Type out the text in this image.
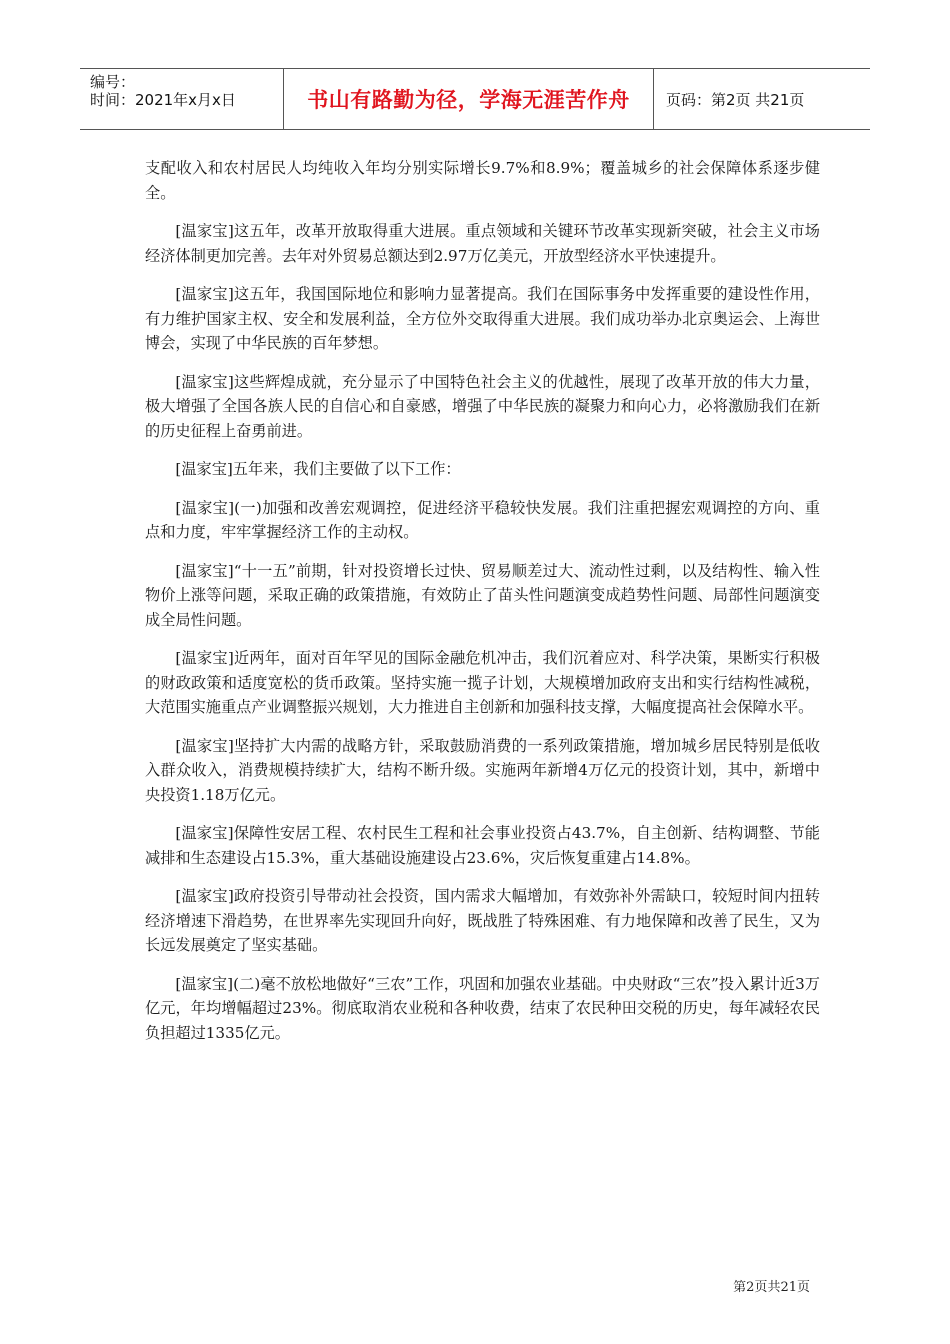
编号：
时间：2021年x月x日	书山有路勤为径，学海无涯苦作舟	页码：第2页 共21页

支配收入和农村居民人均纯收入年均分别实际增长9.7%和8.9%；覆盖城乡的社会保障体系逐步健全。

[温家宝]这五年，改革开放取得重大进展。重点领域和关键环节改革实现新突破，社会主义市场经济体制更加完善。去年对外贸易总额达到2.97万亿美元，开放型经济水平快速提升。

[温家宝]这五年，我国国际地位和影响力显著提高。我们在国际事务中发挥重要的建设性作用，有力维护国家主权、安全和发展利益，全方位外交取得重大进展。我们成功举办北京奥运会、上海世博会，实现了中华民族的百年梦想。

[温家宝]这些辉煌成就，充分显示了中国特色社会主义的优越性，展现了改革开放的伟大力量，极大增强了全国各族人民的自信心和自豪感，增强了中华民族的凝聚力和向心力，必将激励我们在新的历史征程上奋勇前进。

[温家宝]五年来，我们主要做了以下工作：

[温家宝](一)加强和改善宏观调控，促进经济平稳较快发展。我们注重把握宏观调控的方向、重点和力度，牢牢掌握经济工作的主动权。

[温家宝]“十一五”前期，针对投资增长过快、贸易顺差过大、流动性过剩，以及结构性、输入性物价上涨等问题，采取正确的政策措施，有效防止了苗头性问题演变成趋势性问题、局部性问题演变成全局性问题。

[温家宝]近两年，面对百年罕见的国际金融危机冲击，我们沉着应对、科学决策，果断实行积极的财政政策和适度宽松的货币政策。坚持实施一揽子计划，大规模增加政府支出和实行结构性减税，大范围实施重点产业调整振兴规划，大力推进自主创新和加强科技支撑，大幅度提高社会保障水平。

[温家宝]坚持扩大内需的战略方针，采取鼓励消费的一系列政策措施，增加城乡居民特别是低收入群众收入，消费规模持续扩大，结构不断升级。实施两年新增4万亿元的投资计划，其中，新增中央投资1.18万亿元。

[温家宝]保障性安居工程、农村民生工程和社会事业投资占43.7%，自主创新、结构调整、节能减排和生态建设占15.3%，重大基础设施建设占23.6%，灾后恢复重建占14.8%。

[温家宝]政府投资引导带动社会投资，国内需求大幅增加，有效弥补外需缺口，较短时间内扭转经济增速下滑趋势，在世界率先实现回升向好，既战胜了特殊困难、有力地保障和改善了民生，又为长远发展奠定了坚实基础。

[温家宝](二)毫不放松地做好“三农”工作，巩固和加强农业基础。中央财政“三农”投入累计近3万亿元，年均增幅超过23%。彻底取消农业税和各种收费，结束了农民种田交税的历史，每年减轻农民负担超过1335亿元。

第2页共21页
